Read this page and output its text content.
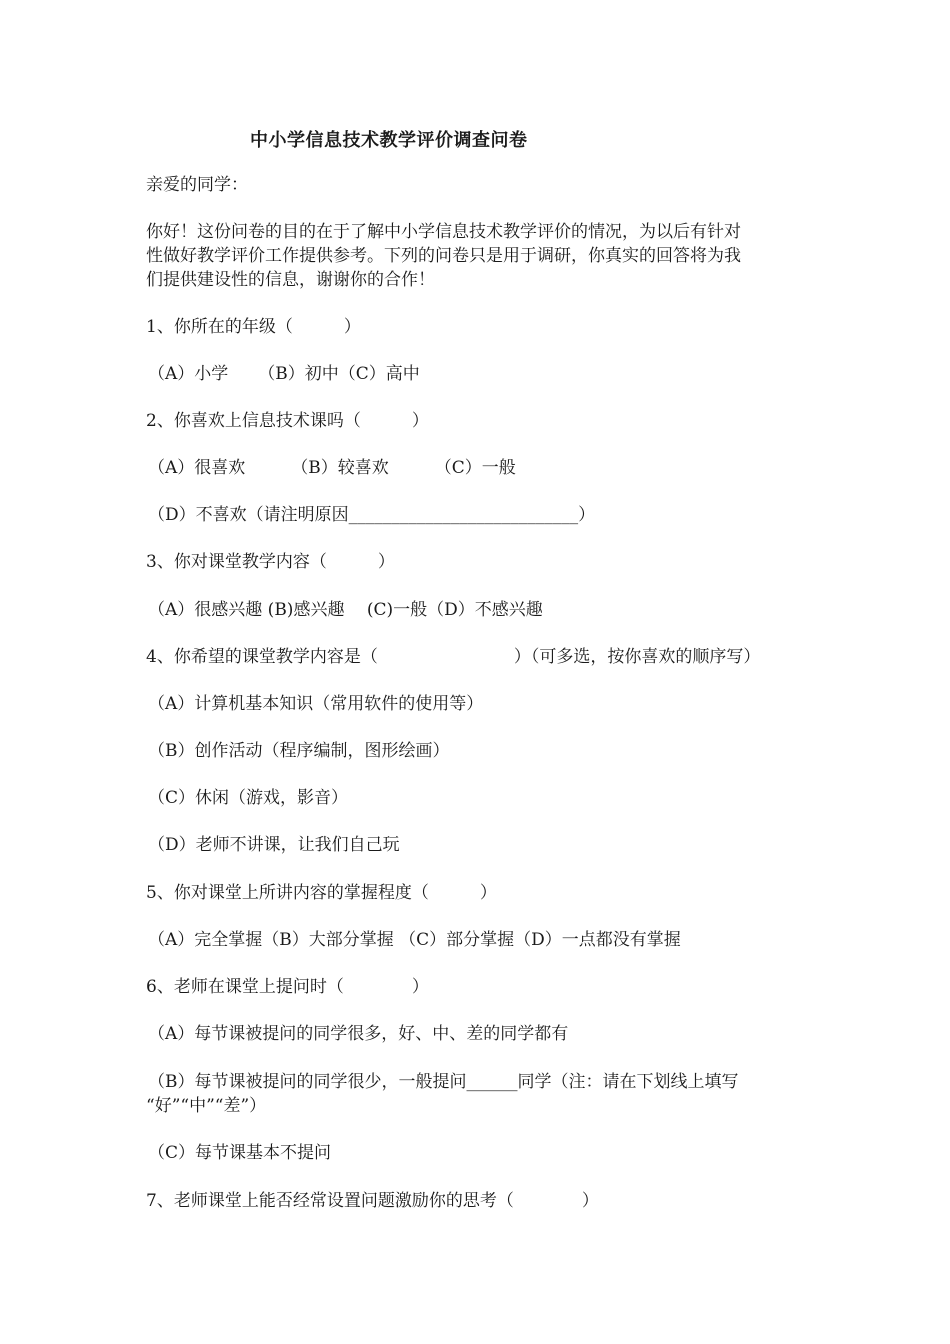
中小学信息技术教学评价调查问卷
亲爱的同学：
你好！这份问卷的目的在于了解中小学信息技术教学评价的情况，为以后有针对
性做好教学评价工作提供参考。下列的问卷只是用于调研，你真实的回答将为我
们提供建设性的信息，谢谢你的合作！
1、你所在的年级（　　　）
（A）小学 （B）初中（C）高中
2、你喜欢上信息技术课吗（　　　）
（A）很喜欢	（B）较喜欢	（C）一般
（D）不喜欢（请注明原因___________________________）
3、你对课堂教学内容（　　　）
（A）很感兴趣 (B)感兴趣　 (C)一般（D）不感兴趣
4、你希望的课堂教学内容是（　　　　　　　　）（可多选，按你喜欢的顺序写）
（A）计算机基本知识（常用软件的使用等）
（B）创作活动（程序编制，图形绘画）
（C）休闲（游戏，影音）
（D）老师不讲课，让我们自己玩
5、你对课堂上所讲内容的掌握程度（　　　）
（A）完全掌握（B）大部分掌握 （C）部分掌握（D）一点都没有掌握
6、老师在课堂上提问时（　　　　）
（A）每节课被提问的同学很多，好、中、差的同学都有
（B）每节课被提问的同学很少，一般提问______同学（注：请在下划线上填写
“好”“中”“差”）
（C）每节课基本不提问
7、老师课堂上能否经常设置问题激励你的思考（　　　　）
